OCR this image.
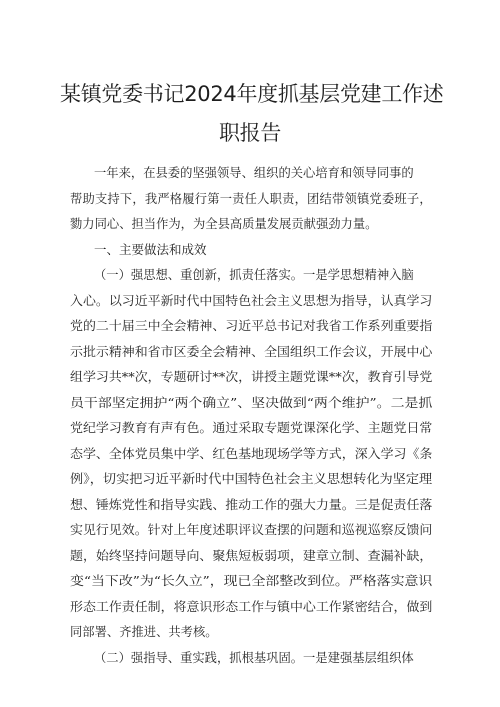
某镇党委书记2024年度抓基层党建工作述
职报告
一年来，在县委的坚强领导、组织的关心培育和领导同事的
帮助支持下，我严格履行第一责任人职责，团结带领镇党委班子，
勠力同心、担当作为，为全县高质量发展贡献强劲力量。
一、主要做法和成效
（一）强思想、重创新，抓责任落实。一是学思想精神入脑
入心。以习近平新时代中国特色社会主义思想为指导，认真学习
党的二十届三中全会精神、习近平总书记对我省工作系列重要指
示批示精神和省市区委全会精神、全国组织工作会议，开展中心
组学习共**次，专题研讨**次，讲授主题党课**次，教育引导党
员干部坚定拥护“两个确立”、坚决做到“两个维护”。二是抓
党纪学习教育有声有色。通过采取专题党课深化学、主题党日常
态学、全体党员集中学、红色基地现场学等方式，深入学习《条
例》，切实把习近平新时代中国特色社会主义思想转化为坚定理
想、锤炼党性和指导实践、推动工作的强大力量。三是促责任落
实见行见效。针对上年度述职评议查摆的问题和巡视巡察反馈问
题，始终坚持问题导向、聚焦短板弱项，建章立制、查漏补缺，
变“当下改”为“长久立”，现已全部整改到位。严格落实意识
形态工作责任制，将意识形态工作与镇中心工作紧密结合，做到
同部署、齐推进、共考核。
（二）强指导、重实践，抓根基巩固。一是建强基层组织体
